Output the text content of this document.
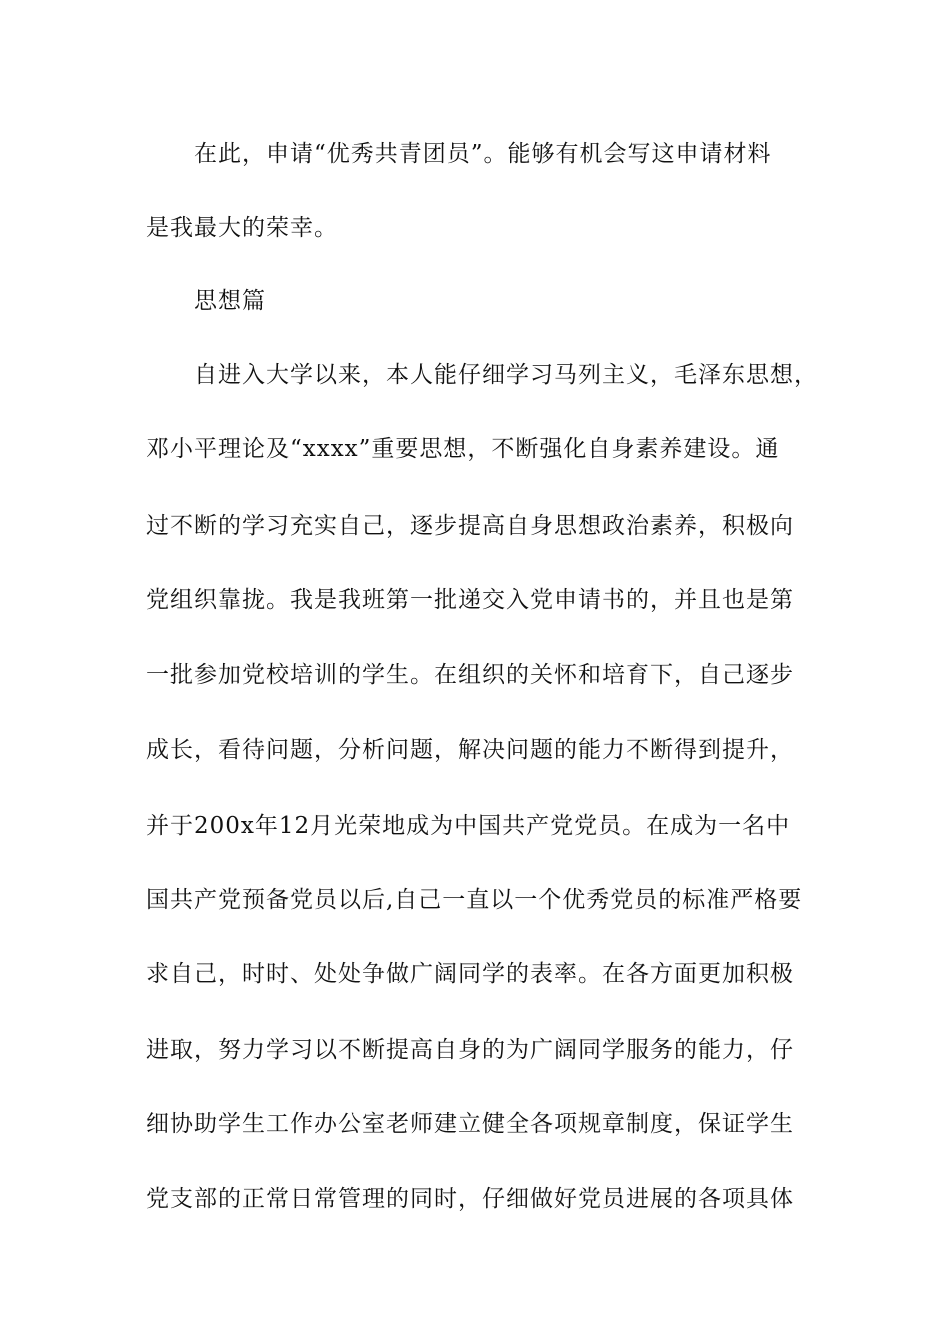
在此，申请“优秀共青团员”。能够有机会写这申请材料

是我最大的荣幸。

思想篇

自进入大学以来，本人能仔细学习马列主义，毛泽东思想，

邓小平理论及“xxxx”重要思想，不断强化自身素养建设。通

过不断的学习充实自己，逐步提高自身思想政治素养，积极向

党组织靠拢。我是我班第一批递交入党申请书的，并且也是第

一批参加党校培训的学生。在组织的关怀和培育下，自己逐步

成长，看待问题，分析问题，解决问题的能力不断得到提升，

并于200x年12月光荣地成为中国共产党党员。在成为一名中

国共产党预备党员以后,自己一直以一个优秀党员的标准严格要

求自己，时时、处处争做广阔同学的表率。在各方面更加积极

进取，努力学习以不断提高自身的为广阔同学服务的能力，仔

细协助学生工作办公室老师建立健全各项规章制度，保证学生

党支部的正常日常管理的同时，仔细做好党员进展的各项具体
